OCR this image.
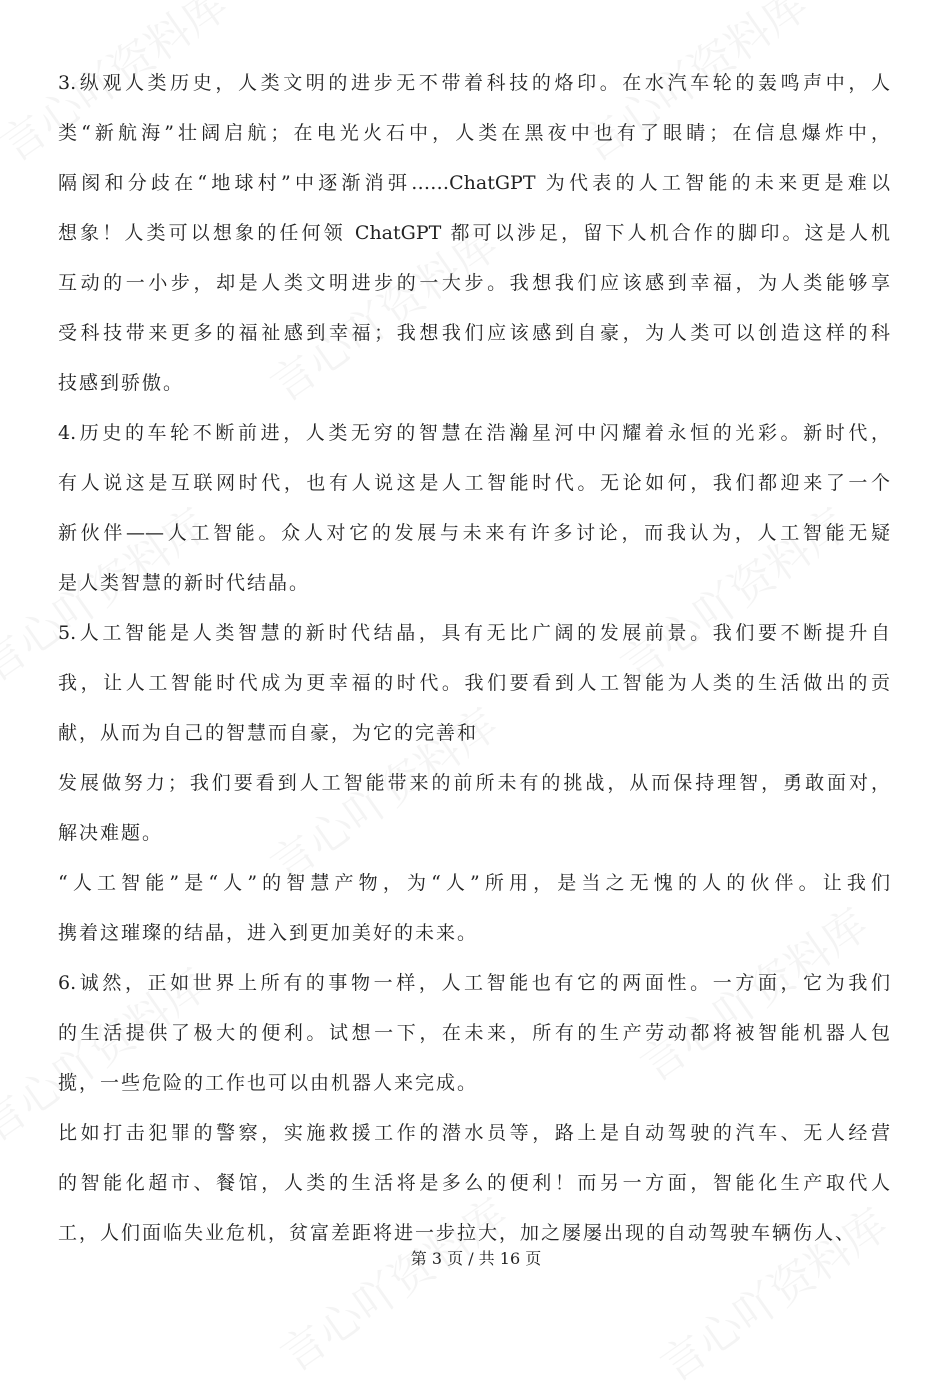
3.纵观人类历史，人类文明的进步无不带着科技的烙印。在水汽车轮的轰鸣声中，人
类“新航海”壮阔启航；在电光火石中，人类在黑夜中也有了眼睛；在信息爆炸中，
隔阂和分歧在“地球村”中逐渐消弭……ChatGPT 为代表的人工智能的未来更是难以
想象！人类可以想象的任何领 ChatGPT 都可以涉足，留下人机合作的脚印。这是人机
互动的一小步，却是人类文明进步的一大步。我想我们应该感到幸福，为人类能够享
受科技带来更多的福祉感到幸福；我想我们应该感到自豪，为人类可以创造这样的科
技感到骄傲。
4.历史的车轮不断前进，人类无穷的智慧在浩瀚星河中闪耀着永恒的光彩。新时代，
有人说这是互联网时代，也有人说这是人工智能时代。无论如何，我们都迎来了一个
新伙伴——人工智能。众人对它的发展与未来有许多讨论，而我认为，人工智能无疑
是人类智慧的新时代结晶。
5.人工智能是人类智慧的新时代结晶，具有无比广阔的发展前景。我们要不断提升自
我，让人工智能时代成为更幸福的时代。我们要看到人工智能为人类的生活做出的贡
献，从而为自己的智慧而自豪，为它的完善和
发展做努力；我们要看到人工智能带来的前所未有的挑战，从而保持理智，勇敢面对，
解决难题。
“人工智能”是“人”的智慧产物，为“人”所用，是当之无愧的人的伙伴。让我们
携着这璀璨的结晶，进入到更加美好的未来。
6.诚然，正如世界上所有的事物一样，人工智能也有它的两面性。一方面，它为我们
的生活提供了极大的便利。试想一下，在未来，所有的生产劳动都将被智能机器人包
揽，一些危险的工作也可以由机器人来完成。
比如打击犯罪的警察，实施救援工作的潜水员等，路上是自动驾驶的汽车、无人经营
的智能化超市、餐馆，人类的生活将是多么的便利！而另一方面，智能化生产取代人
工，人们面临失业危机，贫富差距将进一步拉大，加之屡屡出现的自动驾驶车辆伤人、
第 3 页 / 共 16 页
